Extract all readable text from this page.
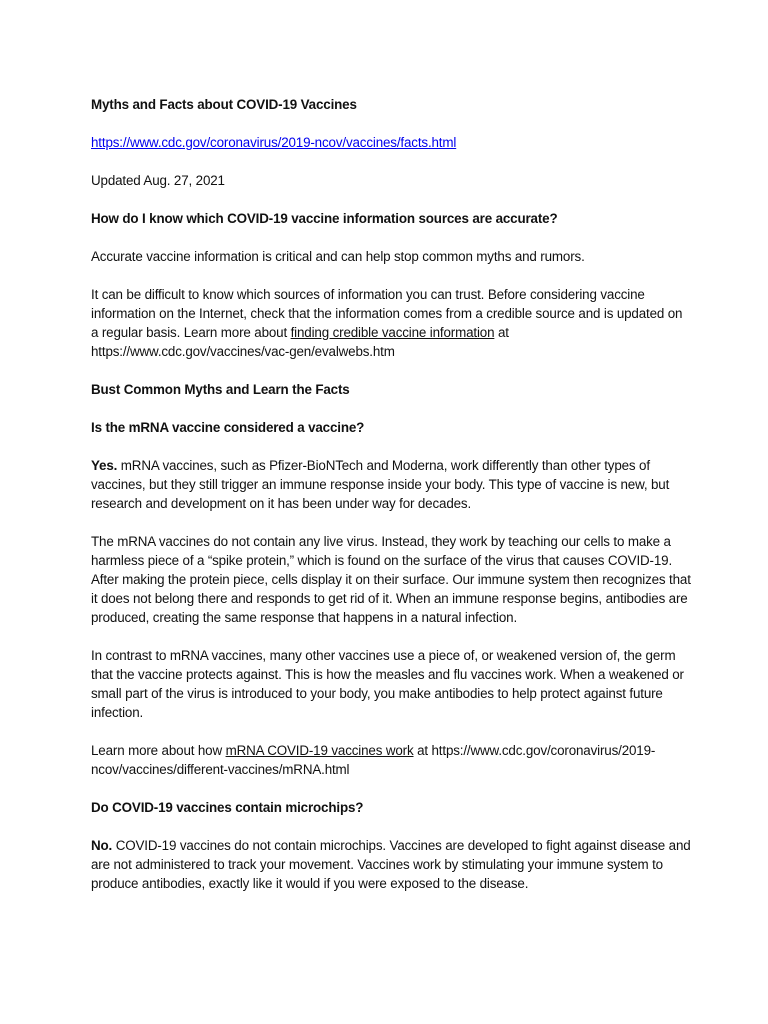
Myths and Facts about COVID-19 Vaccines

https://www.cdc.gov/coronavirus/2019-ncov/vaccines/facts.html

Updated Aug. 27, 2021

How do I know which COVID-19 vaccine information sources are accurate?

Accurate vaccine information is critical and can help stop common myths and rumors.

It can be difficult to know which sources of information you can trust. Before considering vaccine information on the Internet, check that the information comes from a credible source and is updated on a regular basis. Learn more about finding credible vaccine information at https://www.cdc.gov/vaccines/vac-gen/evalwebs.htm

Bust Common Myths and Learn the Facts

Is the mRNA vaccine considered a vaccine?

Yes. mRNA vaccines, such as Pfizer-BioNTech and Moderna, work differently than other types of vaccines, but they still trigger an immune response inside your body. This type of vaccine is new, but research and development on it has been under way for decades.

The mRNA vaccines do not contain any live virus. Instead, they work by teaching our cells to make a harmless piece of a “spike protein,” which is found on the surface of the virus that causes COVID-19. After making the protein piece, cells display it on their surface. Our immune system then recognizes that it does not belong there and responds to get rid of it. When an immune response begins, antibodies are produced, creating the same response that happens in a natural infection.

In contrast to mRNA vaccines, many other vaccines use a piece of, or weakened version of, the germ that the vaccine protects against. This is how the measles and flu vaccines work. When a weakened or small part of the virus is introduced to your body, you make antibodies to help protect against future infection.

Learn more about how mRNA COVID-19 vaccines work at https://www.cdc.gov/coronavirus/2019-ncov/vaccines/different-vaccines/mRNA.html

Do COVID-19 vaccines contain microchips?

No. COVID-19 vaccines do not contain microchips. Vaccines are developed to fight against disease and are not administered to track your movement. Vaccines work by stimulating your immune system to produce antibodies, exactly like it would if you were exposed to the disease.
